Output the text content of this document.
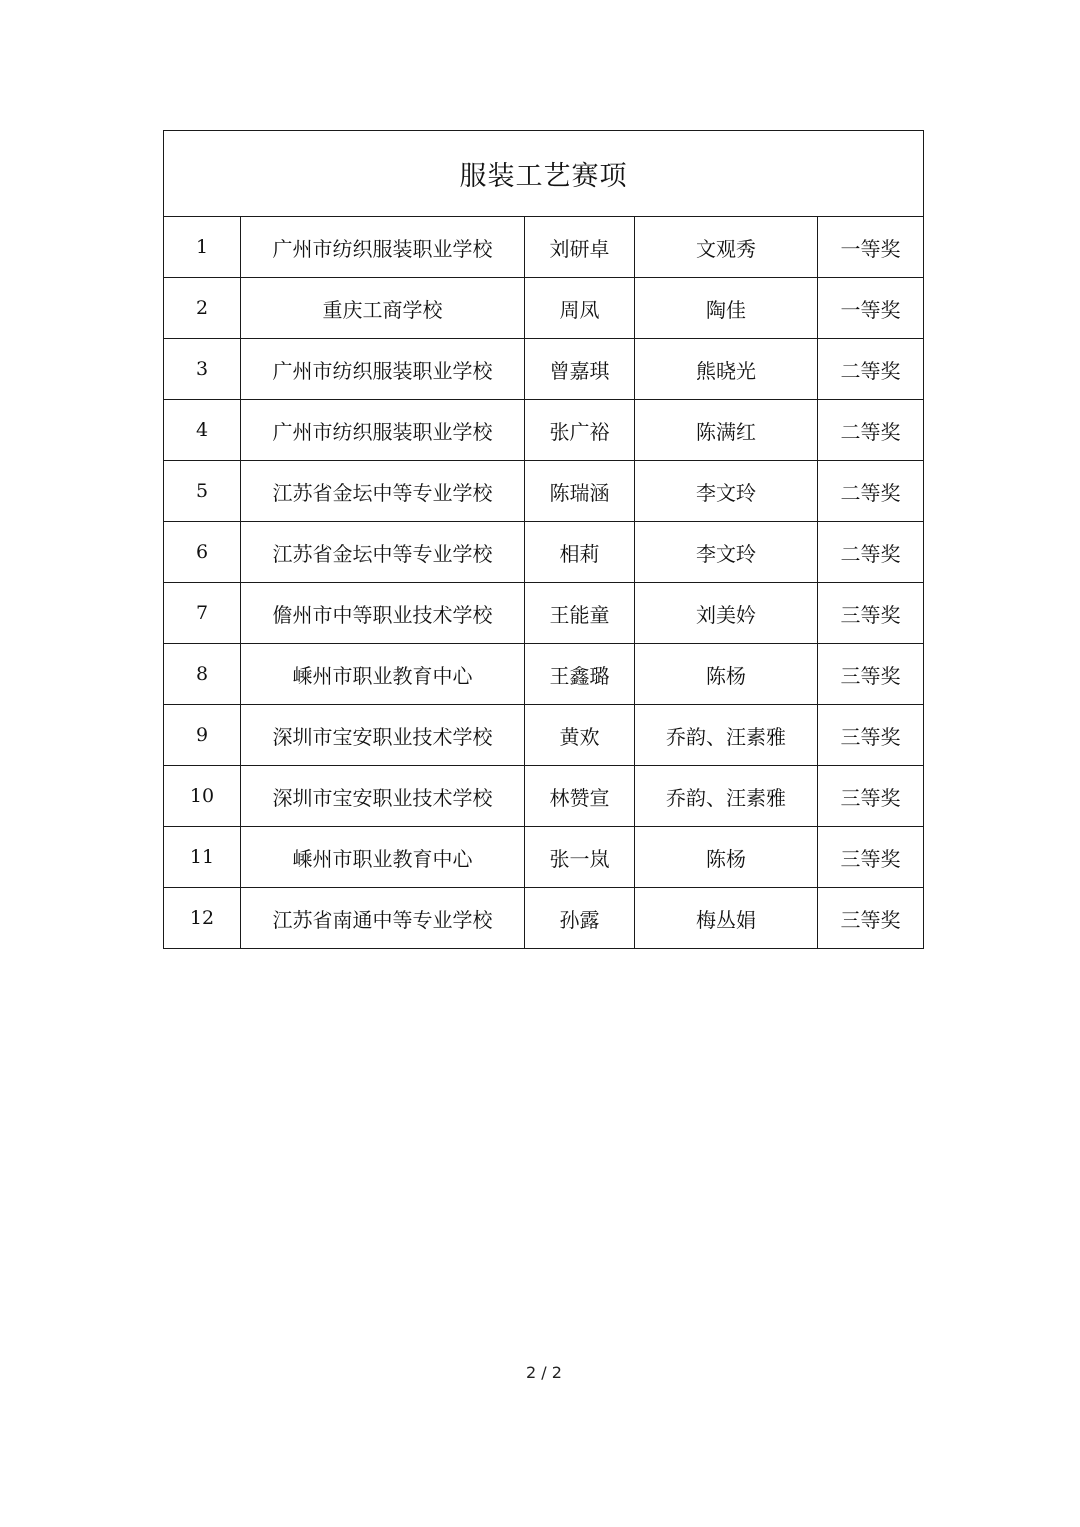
服装工艺赛项				
1	广州市纺织服装职业学校	刘研卓	文观秀	一等奖
2	重庆工商学校	周凤	陶佳	一等奖
3	广州市纺织服装职业学校	曾嘉琪	熊晓光	二等奖
4	广州市纺织服装职业学校	张广裕	陈满红	二等奖
5	江苏省金坛中等专业学校	陈瑞涵	李文玲	二等奖
6	江苏省金坛中等专业学校	相莉	李文玲	二等奖
7	儋州市中等职业技术学校	王能童	刘美妗	三等奖
8	嵊州市职业教育中心	王鑫璐	陈杨	三等奖
9	深圳市宝安职业技术学校	黄欢	乔韵、汪素雅	三等奖
10	深圳市宝安职业技术学校	林赞宣	乔韵、汪素雅	三等奖
11	嵊州市职业教育中心	张一岚	陈杨	三等奖
12	江苏省南通中等专业学校	孙露	梅丛娟	三等奖
2 / 2
